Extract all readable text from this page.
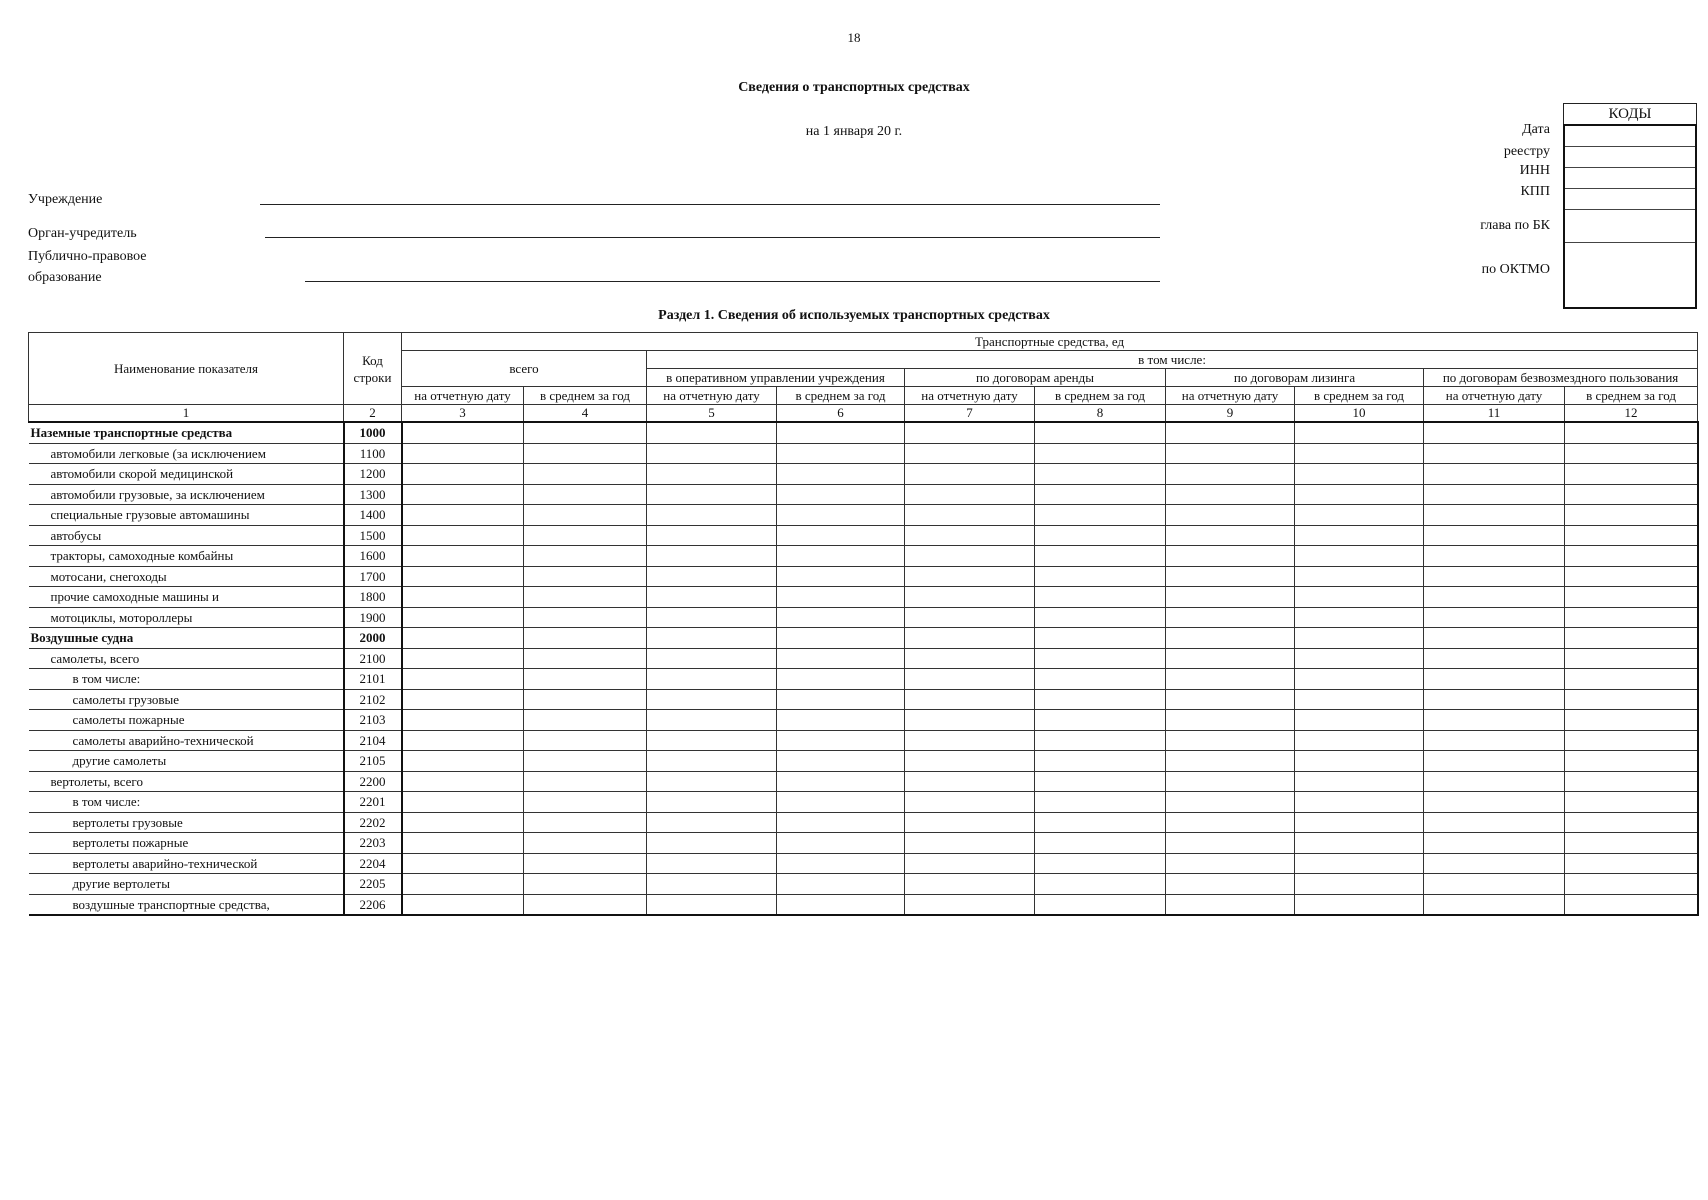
18
Сведения о транспортных средствах
на 1 января 20 г.
Учреждение
Орган-учредитель
Публично-правовое
образование
Дата
реестру
ИНН
КПП
глава по БК
по ОКТМО
КОДЫ
Раздел 1. Сведения об используемых транспортных средствах
Наименование показателя	Код строки	Транспортные средства, ед									
		всего		в том числе:							
				в оперативном управлении учреждения		по договорам аренды		по договорам лизинга		по договорам безвозмездного пользования	
		на отчетную дату	в среднем за год	на отчетную дату	в среднем за год	на отчетную дату	в среднем за год	на отчетную дату	в среднем за год	на отчетную дату	в среднем за год
1	2	3	4	5	6	7	8	9	10	11	12
Наземные транспортные средства	1000										
автомобили легковые (за исключением	1100										
автомобили скорой медицинской	1200										
автомобили грузовые, за исключением	1300										
специальные грузовые автомашины	1400										
автобусы	1500										
тракторы, самоходные комбайны	1600										
мотосани, снегоходы	1700										
прочие самоходные машины и	1800										
мотоциклы, мотороллеры	1900										
Воздушные судна	2000										
самолеты, всего	2100										
в том числе:	2101										
самолеты грузовые	2102										
самолеты пожарные	2103										
самолеты аварийно-технической	2104										
другие самолеты	2105										
вертолеты, всего	2200										
в том числе:	2201										
вертолеты грузовые	2202										
вертолеты пожарные	2203										
вертолеты аварийно-технической	2204										
другие вертолеты	2205										
воздушные транспортные средства,	2206										
